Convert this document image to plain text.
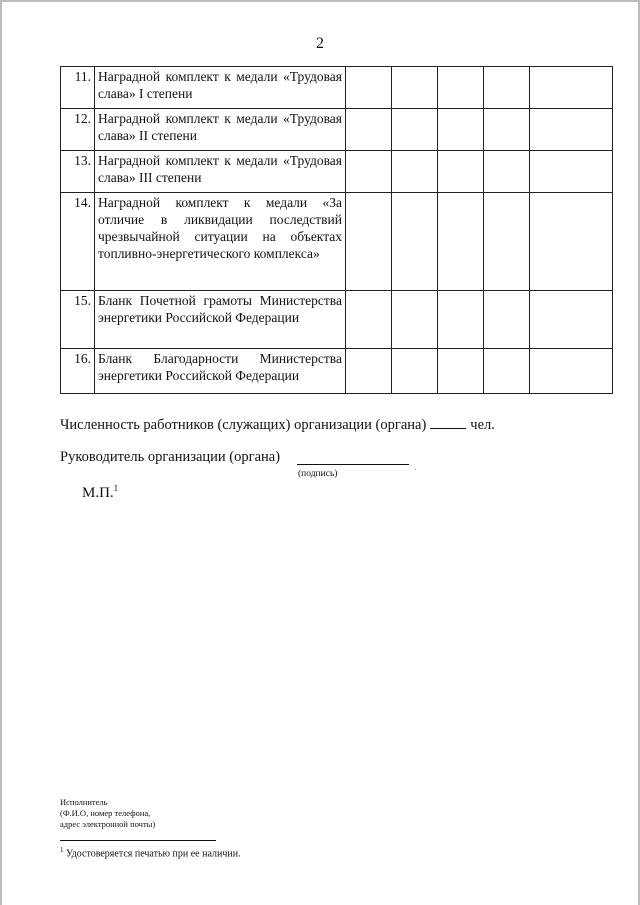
2
11.	Наградной комплект к медали «Трудовая слава» I степени					
12.	Наградной комплект к медали «Трудовая слава» II степени					
13.	Наградной комплект к медали «Трудовая слава» III степени					
14.	Наградной комплект к медали «За отличие в ликвидации последствий чрезвычайной ситуации на объектах топливно-энергетического комплекса»					
15.	Бланк Почетной грамоты Министерства энергетики Российской Федерации					
16.	Бланк Благодарности Министерства энергетики Российской Федерации					
Численность работников (служащих) организации (органа)	чел.
Руководитель организации (органа)
.
(подпись)
М.П.$^1$
Исполнитель
(Ф.И.О, номер телефона,
адрес электронной почты)
$^1$ Удостоверяется печатью при ее наличии.
